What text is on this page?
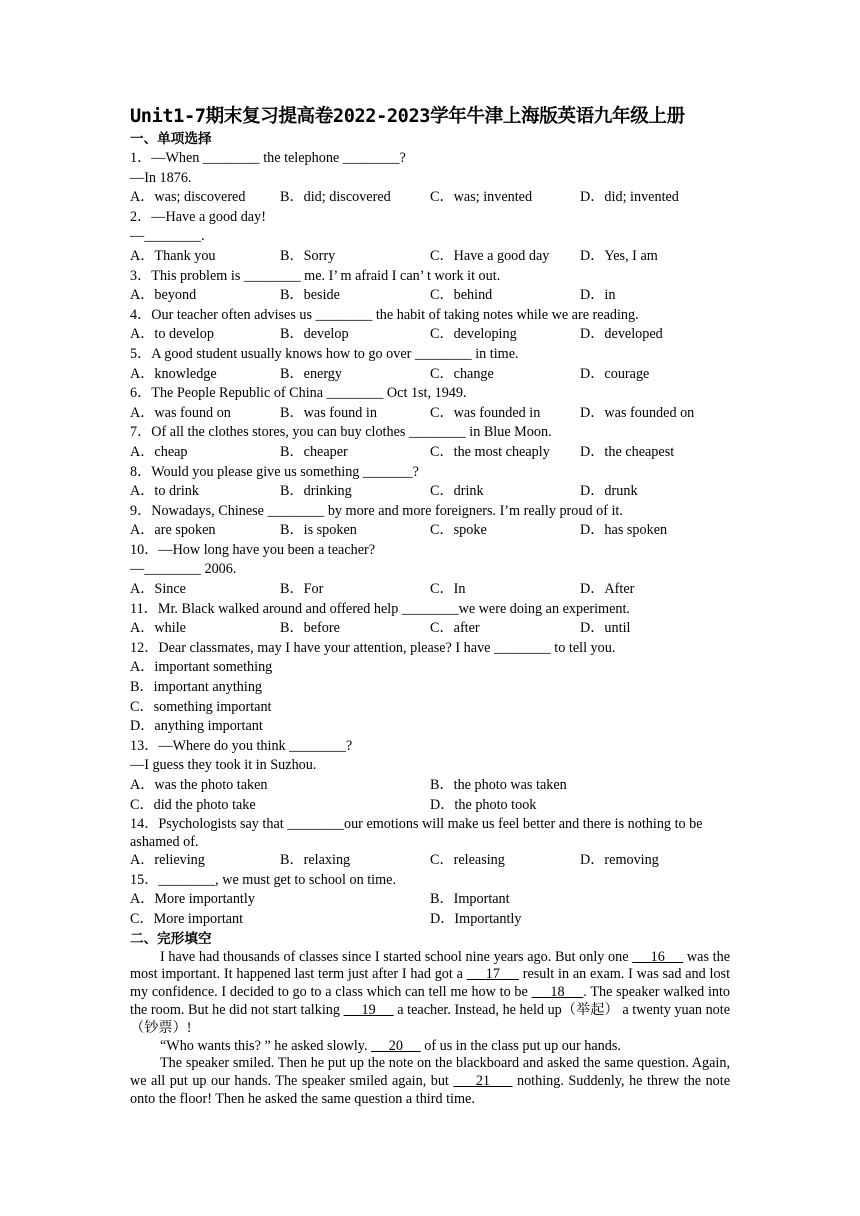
Unit1-7期末复习提高卷2022-2023学年牛津上海版英语九年级上册
一、单项选择
1．—When ________ the telephone ________?
—In 1876.
A．was; discovered	B．did; discovered	C．was; invented	D．did; invented
2．—Have a good day!
—________.
A．Thank you	B．Sorry	C．Have a good day	D．Yes, I am
3．This problem is ________ me. I’ m afraid I can’ t work it out.
A．beyond	B．beside	C．behind	D．in
4．Our teacher often advises us ________ the habit of taking notes while we are reading.
A．to develop	B．develop	C．developing	D．developed
5．A good student usually knows how to go over ________ in time.
A．knowledge	B．energy	C．change	D．courage
6．The People Republic of China ________ Oct 1st, 1949.
A．was found on	B．was found in	C．was founded in	D．was founded on
7．Of all the clothes stores, you can buy clothes ________ in Blue Moon.
A．cheap	B．cheaper	C．the most cheaply	D．the cheapest
8．Would you please give us something _______?
A．to drink	B．drinking	C．drink	D．drunk
9．Nowadays, Chinese ________ by more and more foreigners. I’m really proud of it.
A．are spoken	B．is spoken	C．spoke	D．has spoken
10．—How long have you been a teacher?
—________ 2006.
A．Since	B．For	C．In	D．After
11．Mr. Black walked around and offered help ________we were doing an experiment.
A．while	B．before	C．after	D．until
12．Dear classmates, may I have your attention, please? I have ________ to tell you.
A．important something
B．important anything
C．something important
D．anything important
13．—Where do you think ________?
—I guess they took it in Suzhou.
A．was the photo taken	B．the photo was taken
C．did the photo take	D．the photo took
14．Psychologists say that ________our emotions will make us feel better and there is nothing to be ashamed of.
A．relieving	B．relaxing	C．releasing	D．removing
15．________, we must get to school on time.
A．More importantly	B．Important
C．More important	D．Importantly
二、完形填空
I have had thousands of classes since I started school nine years ago. But only one      16      was the most important. It happened last term just after I had got a      17      result in an exam. I was sad and lost my confidence. I decided to go to a class which can tell me how to be      18 . The speaker walked into the room. But he did not start talking      19      a teacher. Instead, he held up（举起） a twenty yuan note（钞票）!
“Who wants this? ” he asked slowly.      20      of us in the class put up our hands.
The speaker smiled. Then he put up the note on the blackboard and asked the same question. Again, we all put up our hands. The speaker smiled again, but      21      nothing. Suddenly, he threw the note onto the floor! Then he asked the same question a third time.
